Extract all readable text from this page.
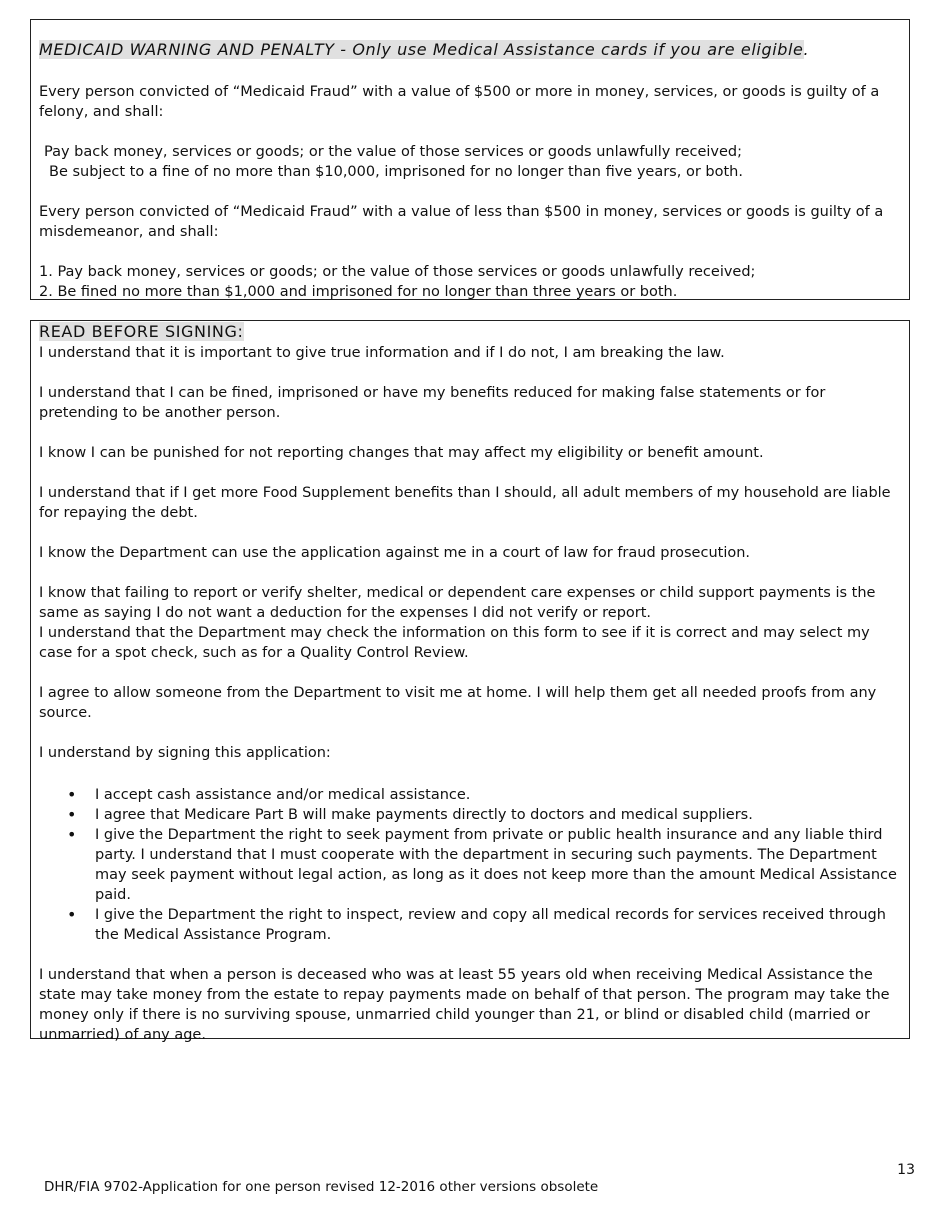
MEDICAID WARNING AND PENALTY - Only use Medical Assistance cards if you are eligible.

Every person convicted of “Medicaid Fraud” with a value of $500 or more in money, services, or goods is guilty of a felony, and shall:

Pay back money, services or goods; or the value of those services or goods unlawfully received;

Be subject to a fine of no more than $10,000, imprisoned for no longer than five years, or both.

Every person convicted of “Medicaid Fraud” with a value of less than $500 in money, services or goods is guilty of a misdemeanor, and shall:

1. Pay back money, services or goods; or the value of those services or goods unlawfully received;

2. Be fined no more than $1,000 and imprisoned for no longer than three years or both.

READ BEFORE SIGNING:

I understand that it is important to give true information and if I do not, I am breaking the law.

I understand that I can be fined, imprisoned or have my benefits reduced for making false statements or for pretending to be another person.

I know I can be punished for not reporting changes that may affect my eligibility or benefit amount.

I understand that if I get more Food Supplement benefits than I should, all adult members of my household are liable for repaying the debt.

I know the Department can use the application against me in a court of law for fraud prosecution.

I know that failing to report or verify shelter, medical or dependent care expenses or child support payments is the same as saying I do not want a deduction for the expenses I did not verify or report.

I understand that the Department may check the information on this form to see if it is correct and may select my case for a spot check, such as for a Quality Control Review.

I agree to allow someone from the Department to visit me at home. I will help them get all needed proofs from any source.

I understand by signing this application:

• I accept cash assistance and/or medical assistance.
• I agree that Medicare Part B will make payments directly to doctors and medical suppliers.
• I give the Department the right to seek payment from private or public health insurance and any liable third party. I understand that I must cooperate with the department in securing such payments. The Department may seek payment without legal action, as long as it does not keep more than the amount Medical Assistance paid.
• I give the Department the right to inspect, review and copy all medical records for services received through the Medical Assistance Program.

I understand that when a person is deceased who was at least 55 years old when receiving Medical Assistance the state may take money from the estate to repay payments made on behalf of that person. The program may take the money only if there is no surviving spouse, unmarried child younger than 21, or blind or disabled child (married or unmarried) of any age.

13
DHR/FIA 9702-Application for one person revised 12-2016 other versions obsolete
